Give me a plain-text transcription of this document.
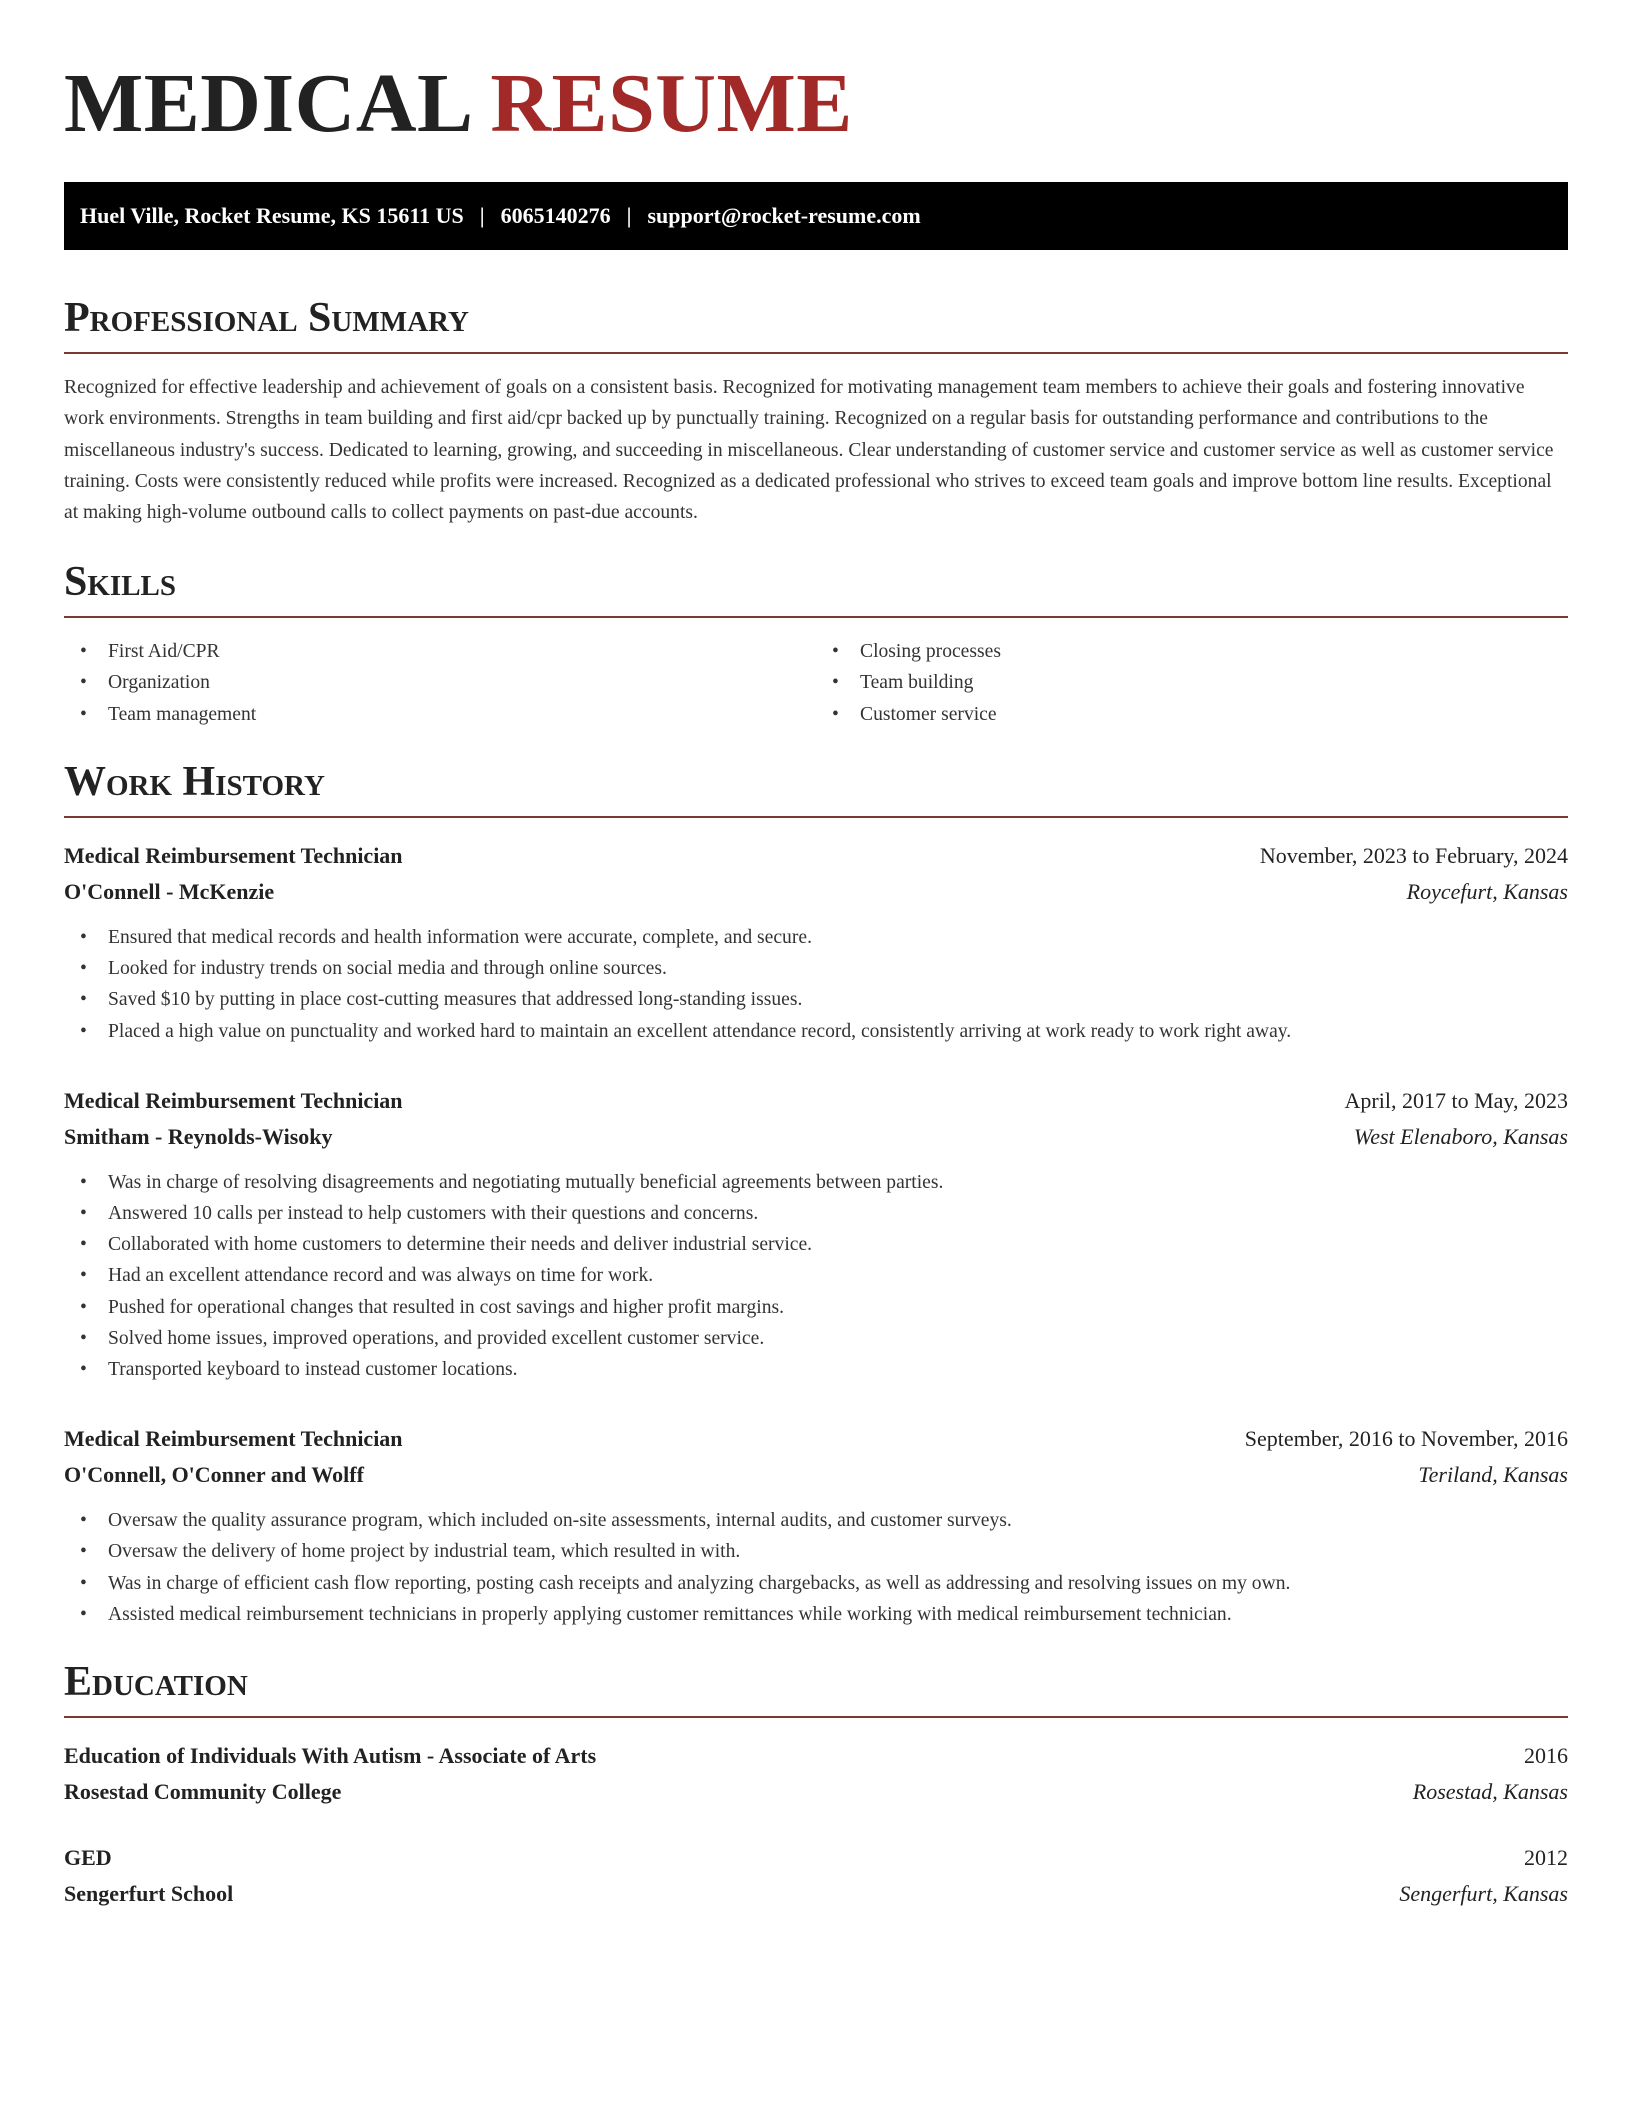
MEDICAL RESUME
Huel Ville, Rocket Resume, KS 15611 US | 6065140276 | support@rocket-resume.com
Professional Summary

Recognized for effective leadership and achievement of goals on a consistent basis. Recognized for motivating management team members to achieve their goals and fostering innovative work environments. Strengths in team building and first aid/cpr backed up by punctually training. Recognized on a regular basis for outstanding performance and contributions to the miscellaneous industry's success. Dedicated to learning, growing, and succeeding in miscellaneous. Clear understanding of customer service and customer service as well as customer service training. Costs were consistently reduced while profits were increased. Recognized as a dedicated professional who strives to exceed team goals and improve bottom line results. Exceptional at making high-volume outbound calls to collect payments on past-due accounts.

Skills
• First Aid/CPR
• Organization
• Team management
• Closing processes
• Team building
• Customer service
Work History
Medical Reimbursement Technician	November, 2023 to February, 2024
O'Connell - McKenzie	Roycefurt, Kansas
• Ensured that medical records and health information were accurate, complete, and secure.
• Looked for industry trends on social media and through online sources.
• Saved $10 by putting in place cost-cutting measures that addressed long-standing issues.
• Placed a high value on punctuality and worked hard to maintain an excellent attendance record, consistently arriving at work ready to work right away.
Medical Reimbursement Technician	April, 2017 to May, 2023
Smitham - Reynolds-Wisoky	West Elenaboro, Kansas
• Was in charge of resolving disagreements and negotiating mutually beneficial agreements between parties.
• Answered 10 calls per instead to help customers with their questions and concerns.
• Collaborated with home customers to determine their needs and deliver industrial service.
• Had an excellent attendance record and was always on time for work.
• Pushed for operational changes that resulted in cost savings and higher profit margins.
• Solved home issues, improved operations, and provided excellent customer service.
• Transported keyboard to instead customer locations.
Medical Reimbursement Technician	September, 2016 to November, 2016
O'Connell, O'Conner and Wolff	Teriland, Kansas
• Oversaw the quality assurance program, which included on-site assessments, internal audits, and customer surveys.
• Oversaw the delivery of home project by industrial team, which resulted in with.
• Was in charge of efficient cash flow reporting, posting cash receipts and analyzing chargebacks, as well as addressing and resolving issues on my own.
• Assisted medical reimbursement technicians in properly applying customer remittances while working with medical reimbursement technician.
Education
Education of Individuals With Autism - Associate of Arts	2016
Rosestad Community College	Rosestad, Kansas
GED	2012
Sengerfurt School	Sengerfurt, Kansas
